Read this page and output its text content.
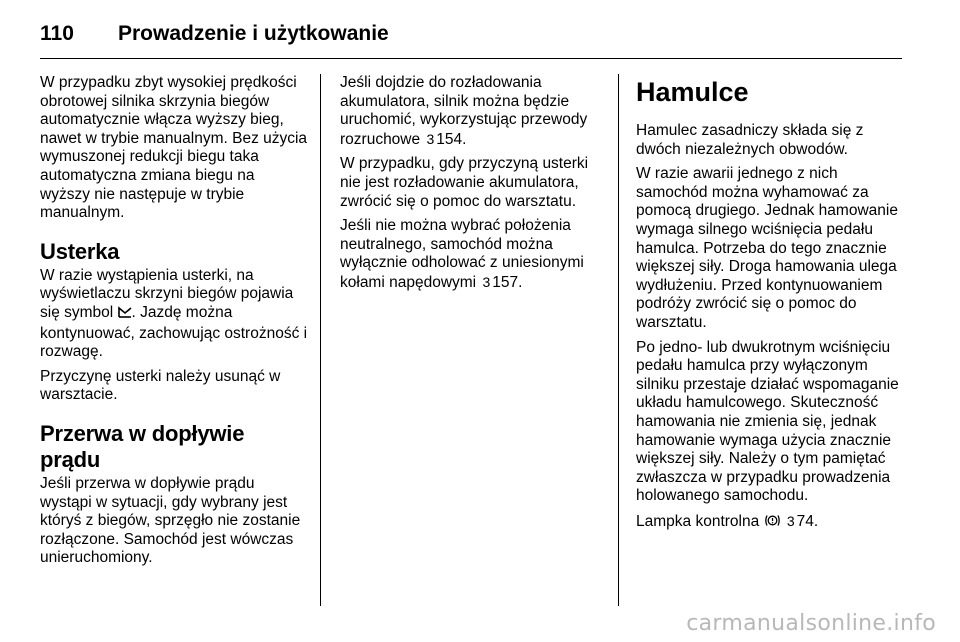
110	Prowadzenie i użytkowanie

W przypadku zbyt wysokiej prędkości obrotowej silnika skrzynia biegów automatycznie włącza wyższy bieg, nawet w trybie manualnym. Bez użycia wymuszonej redukcji biegu taka automatyczna zmiana biegu na wyższy nie następuje w trybie manualnym.

Usterka

W razie wystąpienia usterki, na wyświetlaczu skrzyni biegów pojawia się symbol . Jazdę można kontynuować, zachowując ostrożność i rozwagę.

Przyczynę usterki należy usunąć w warsztacie.

Przerwa w dopływie prądu

Jeśli przerwa w dopływie prądu wystąpi w sytuacji, gdy wybrany jest któryś z biegów, sprzęgło nie zostanie rozłączone. Samochód jest wówczas unieruchomiony.

Jeśli dojdzie do rozładowania akumulatora, silnik można będzie uruchomić, wykorzystując przewody rozruchowe 3 154.

W przypadku, gdy przyczyną usterki nie jest rozładowanie akumulatora, zwrócić się o pomoc do warsztatu.

Jeśli nie można wybrać położenia neutralnego, samochód można wyłącznie odholować z uniesionymi kołami napędowymi 3 157.

Hamulce

Hamulec zasadniczy składa się z dwóch niezależnych obwodów.

W razie awarii jednego z nich samochód można wyhamować za pomocą drugiego. Jednak hamowanie wymaga silnego wciśnięcia pedału hamulca. Potrzeba do tego znacznie większej siły. Droga hamowania ulega wydłużeniu. Przed kontynuowaniem podróży zwrócić się o pomoc do warsztatu.

Po jedno- lub dwukrotnym wciśnięciu pedału hamulca przy wyłączonym silniku przestaje działać wspomaganie układu hamulcowego. Skuteczność hamowania nie zmienia się, jednak hamowanie wymaga użycia znacznie większej siły. Należy o tym pamiętać zwłaszcza w przypadku prowadzenia holowanego samochodu.

Lampka kontrolna 3 74.

carmanualsonline.info
